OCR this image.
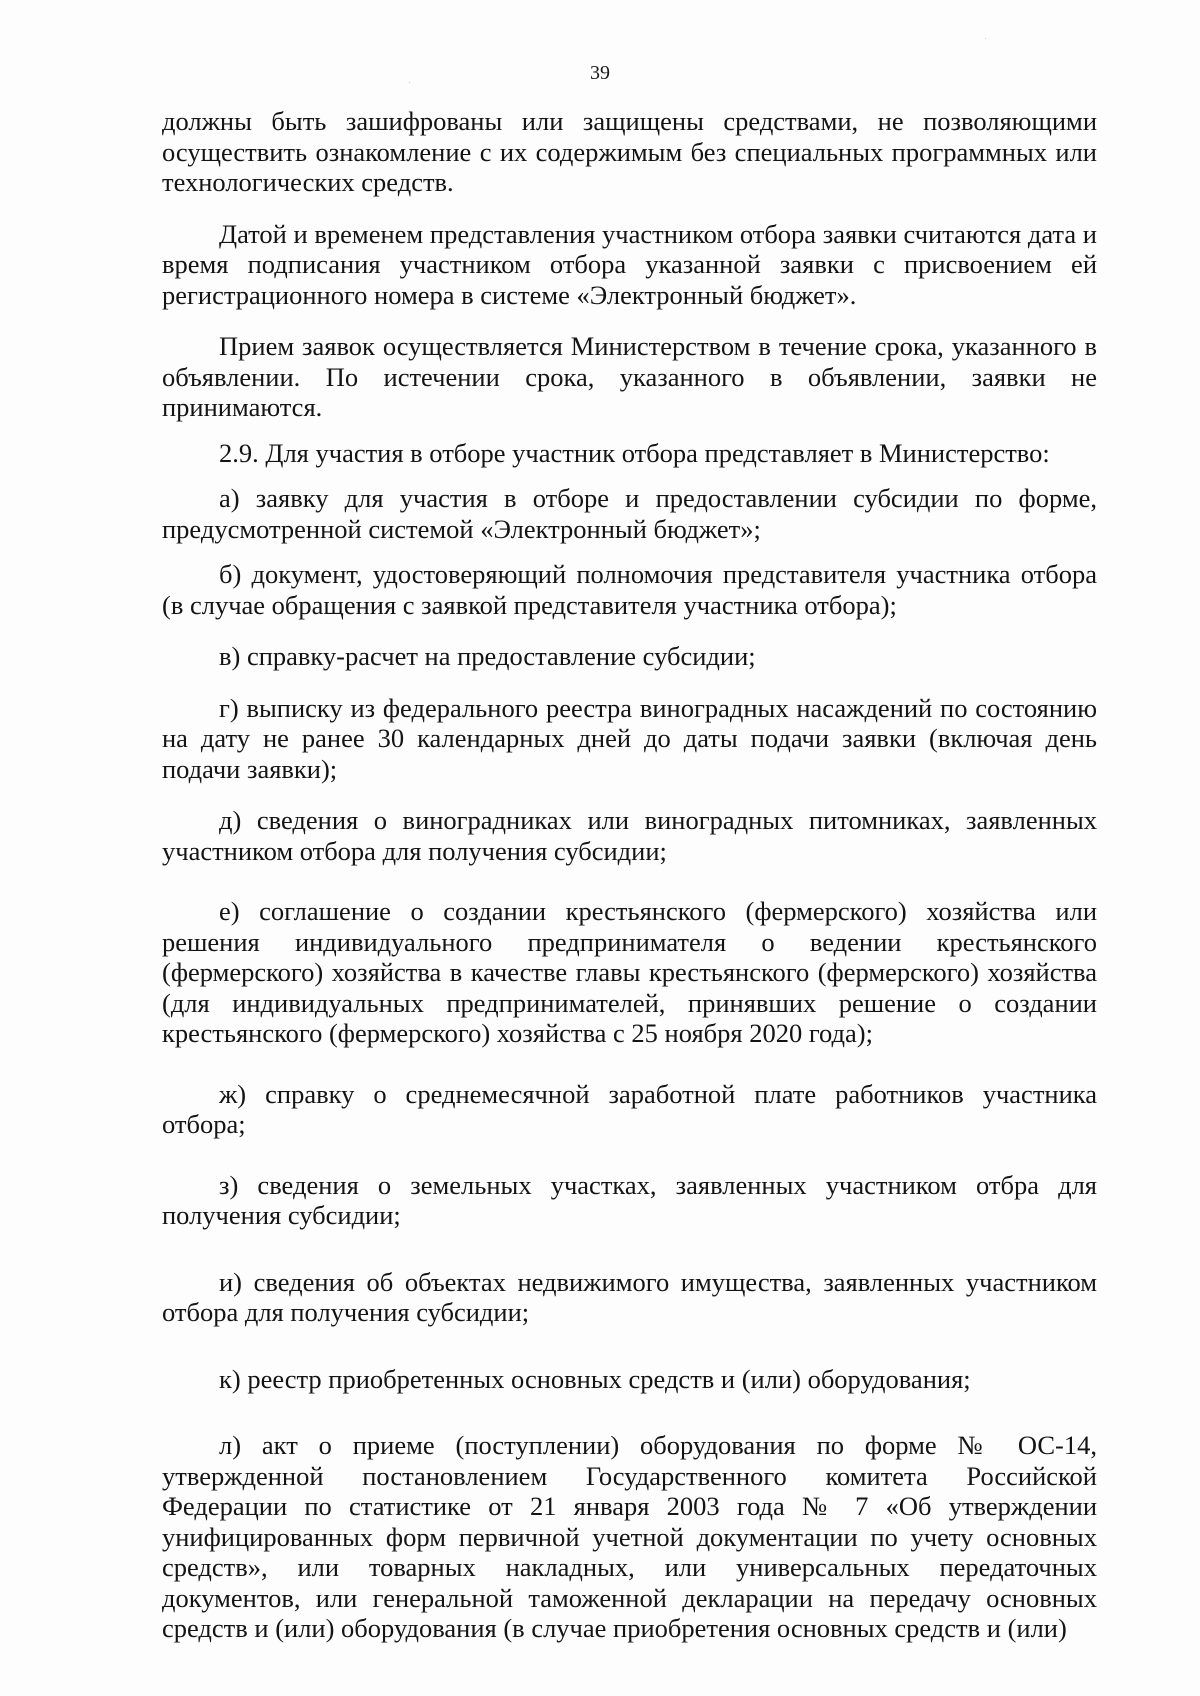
39

должны быть зашифрованы или защищены средствами, не позволяющими осуществить ознакомление с их содержимым без специальных программных или технологических средств.

Датой и временем представления участником отбора заявки считаются дата и время подписания участником отбора указанной заявки с присвоением ей регистрационного номера в системе «Электронный бюджет».

Прием заявок осуществляется Министерством в течение срока, указанного в объявлении. По истечении срока, указанного в объявлении, заявки не принимаются.

2.9. Для участия в отборе участник отбора представляет в Министерство:

а) заявку для участия в отборе и предоставлении субсидии по форме, предусмотренной системой «Электронный бюджет»;

б) документ, удостоверяющий полномочия представителя участника отбора (в случае обращения с заявкой представителя участника отбора);

в) справку-расчет на предоставление субсидии;

г) выписку из федерального реестра виноградных насаждений по состоянию на дату не ранее 30 календарных дней до даты подачи заявки (включая день подачи заявки);

д) сведения о виноградниках или виноградных питомниках, заявленных участником отбора для получения субсидии;

е) соглашение о создании крестьянского (фермерского) хозяйства или решения индивидуального предпринимателя о ведении крестьянского (фермерского) хозяйства в качестве главы крестьянского (фермерского) хозяйства (для индивидуальных предпринимателей, принявших решение о создании крестьянского (фермерского) хозяйства с 25 ноября 2020 года);

ж) справку о среднемесячной заработной плате работников участника отбора;

з) сведения о земельных участках, заявленных участником отбра для получения субсидии;

и) сведения об объектах недвижимого имущества, заявленных участником отбора для получения субсидии;

к) реестр приобретенных основных средств и (или) оборудования;

л) акт о приеме (поступлении) оборудования по форме № ОС-14, утвержденной постановлением Государственного комитета Российской Федерации по статистике от 21 января 2003 года № 7 «Об утверждении унифицированных форм первичной учетной документации по учету основных средств», или товарных накладных, или универсальных передаточных документов, или генеральной таможенной декларации на передачу основных средств и (или) оборудования (в случае приобретения основных средств и (или)
